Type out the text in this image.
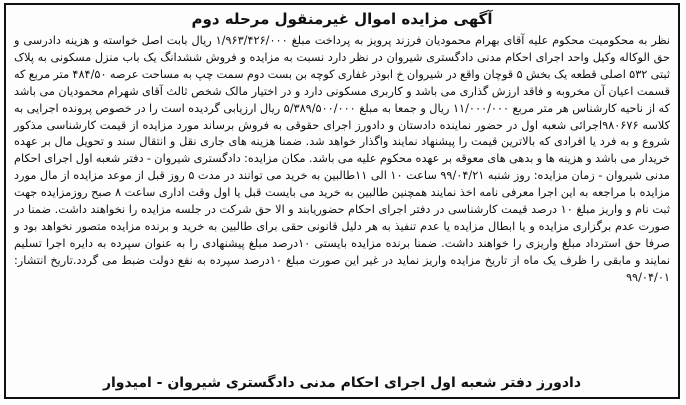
آگهی مزایده اموال غیرمنقول مرحله دوم

نظر به محکومیت محکوم علیه آقای بهرام محمودیان فرزند پرویز به پرداخت مبلغ ۱/۹۶۳/۴۲۶/۰۰۰ ریال بابت اصل خواسته و هزینه دادرسی و حق الوکاله وکیل واحد اجرای احکام مدنی دادگستری شیروان در نظر دارد نسبت به مزایده و فروش ششدانگ یک باب منزل مسکونی به پلاک ثبتی ۵۳۲ اصلی قطعه یک بخش ۵ قوچان واقع در شیروان خ ابوذر غفاری کوچه بن بست دوم سمت چپ به مساحت عرصه ۴۸۴/۵۰ متر مربع که قسمت اعیان آن مخروبه و فاقد ارزش گذاری می باشد و کاربری مسکونی دارد و در اختیار مالک شخص ثالث آقای شهرام محمودیان می باشد که از ناحیه کارشناس هر متر مربع ۱۱/۰۰۰/۰۰۰ ریال و جمعا به مبلغ ۵/۳۸۹/۵۰۰/۰۰۰ ریال ارزیابی گردیده است را در خصوص پرونده اجرایی به کلاسه ۹۸۰۶۷۶اجرائی شعبه اول در حضور نماینده دادستان و دادورز اجرای حقوقی به فروش برساند مورد مزایده از قیمت کارشناسی مذکور شروع و به فرد یا افرادی که بالاترین قیمت را پیشنهاد نمایند واگذار خواهد شد. ضمنا هزینه های جاری نقل و انتقال سند و تحویل مال بر عهده خریدار می باشد و هزینه ها و بدهی های معوقه بر عهده محکوم علیه می باشد. مکان مزایده: دادگستری شیروان - دفتر شعبه اول اجرای احکام مدنی شیروان - زمان مزایده: روز شنبه ۹۹/۰۴/۲۱ ساعت ۱۰ الی ۱۱طالبین به خرید می توانند در مدت ۵ روز قبل از موعد مزایده از مال مورد مزایده با مراجعه به این اجرا معرفی نامه اخذ نمایند همچنین طالبین به خرید می بایست قبل یا اول وقت اداری ساعت ۸ صبح روزمزایده جهت ثبت نام و واریز مبلغ ۱۰ درصد قیمت کارشناسی در دفتر اجرای احکام حضوریابند و الا حق شرکت در جلسه مزایده را نخواهند داشت. ضمنا در صورت عدم برگزاری مزایده و یا ابطال مزایده یا عدم تنفیذ به هر دلیل قانونی حقی برای طالبین به خرید و برنده مزایده متصور نخواهد بود و صرفا حق استرداد مبلغ واریزی را خواهند داشت. ضمنا برنده مزایده بایستی ۱۰درصد مبلغ پیشنهادی را به عنوان سپرده به دایره اجرا تسلیم نمایند و مابقی را ظرف یک ماه از تاریخ مزایده واریز نماید در غیر این صورت مبلغ ۱۰درصد سپرده به نفع دولت ضبط می گردد.تاریخ انتشار: ۹۹/۰۴/۰۱

دادورز دفتر شعبه اول اجرای احکام مدنی دادگستری شیروان - امیدوار
